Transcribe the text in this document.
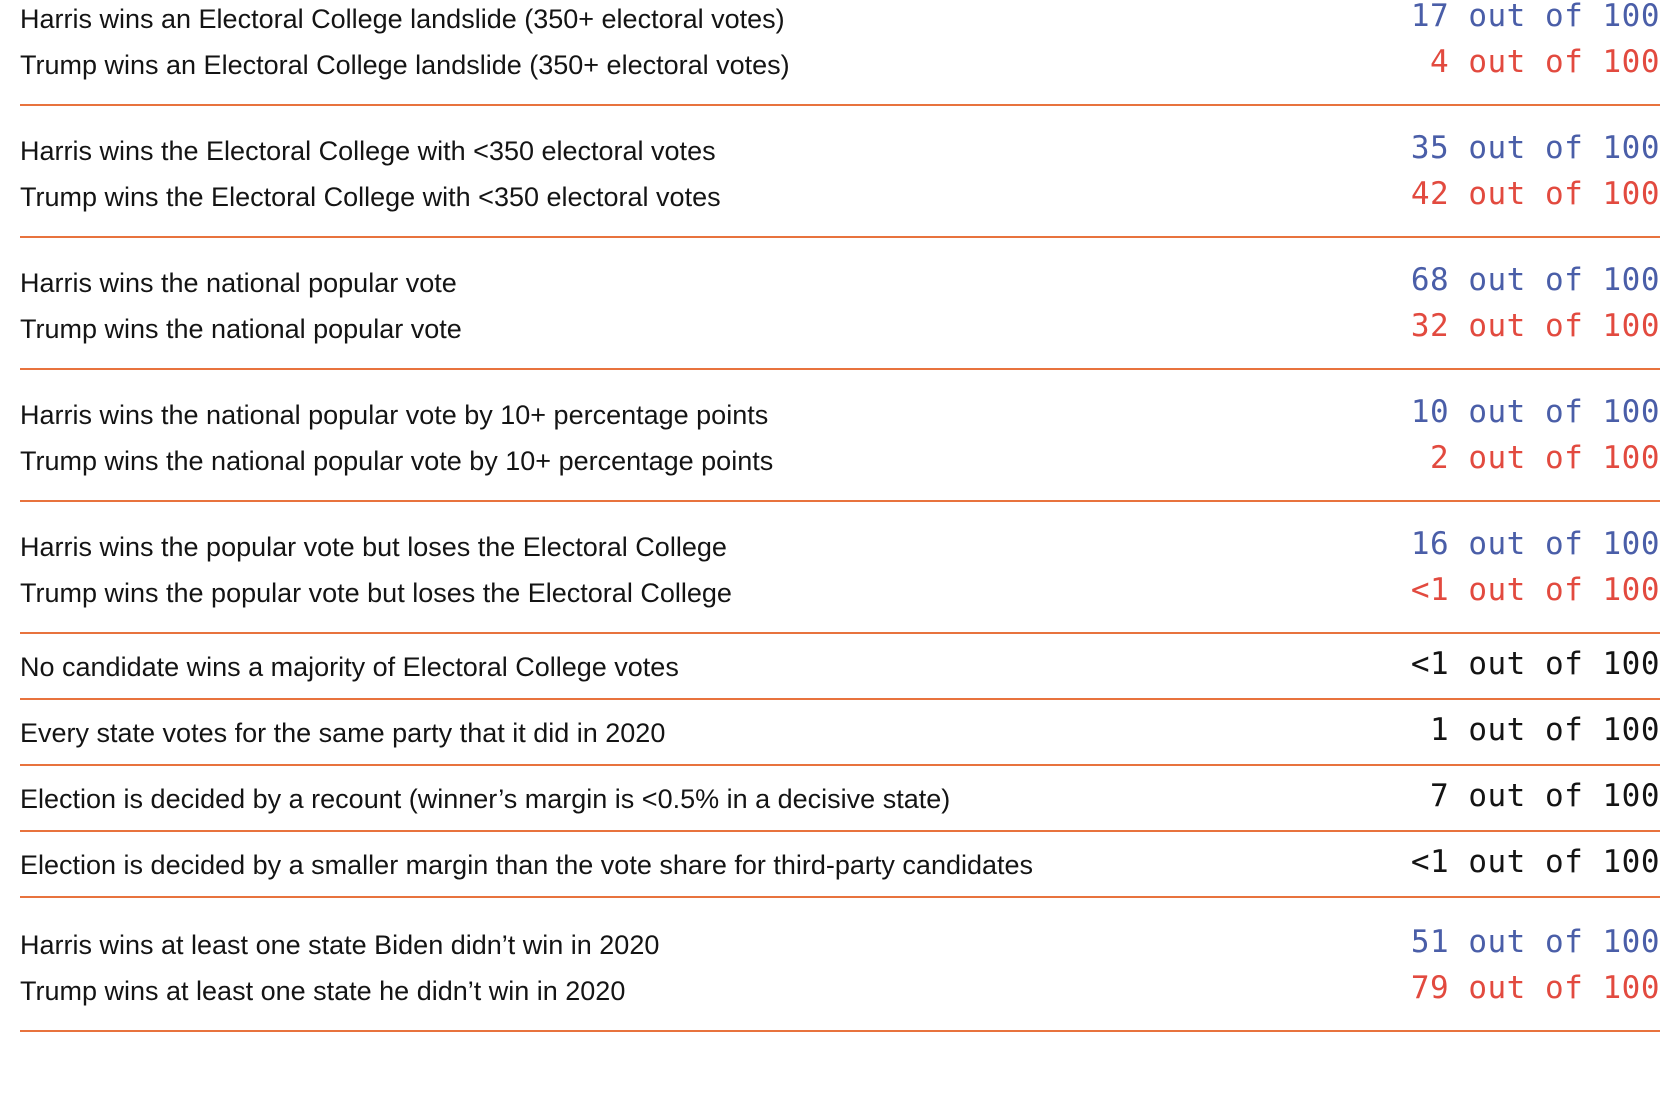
Harris wins an Electoral College landslide (350+ electoral votes)	17 out of 100
Trump wins an Electoral College landslide (350+ electoral votes)	4 out of 100
Harris wins the Electoral College with <350 electoral votes	35 out of 100
Trump wins the Electoral College with <350 electoral votes	42 out of 100
Harris wins the national popular vote	68 out of 100
Trump wins the national popular vote	32 out of 100
Harris wins the national popular vote by 10+ percentage points	10 out of 100
Trump wins the national popular vote by 10+ percentage points	2 out of 100
Harris wins the popular vote but loses the Electoral College	16 out of 100
Trump wins the popular vote but loses the Electoral College	<1 out of 100
No candidate wins a majority of Electoral College votes	<1 out of 100
Every state votes for the same party that it did in 2020	1 out of 100
Election is decided by a recount (winner’s margin is <0.5% in a decisive state)	7 out of 100
Election is decided by a smaller margin than the vote share for third-party candidates	<1 out of 100
Harris wins at least one state Biden didn’t win in 2020	51 out of 100
Trump wins at least one state he didn’t win in 2020	79 out of 100
